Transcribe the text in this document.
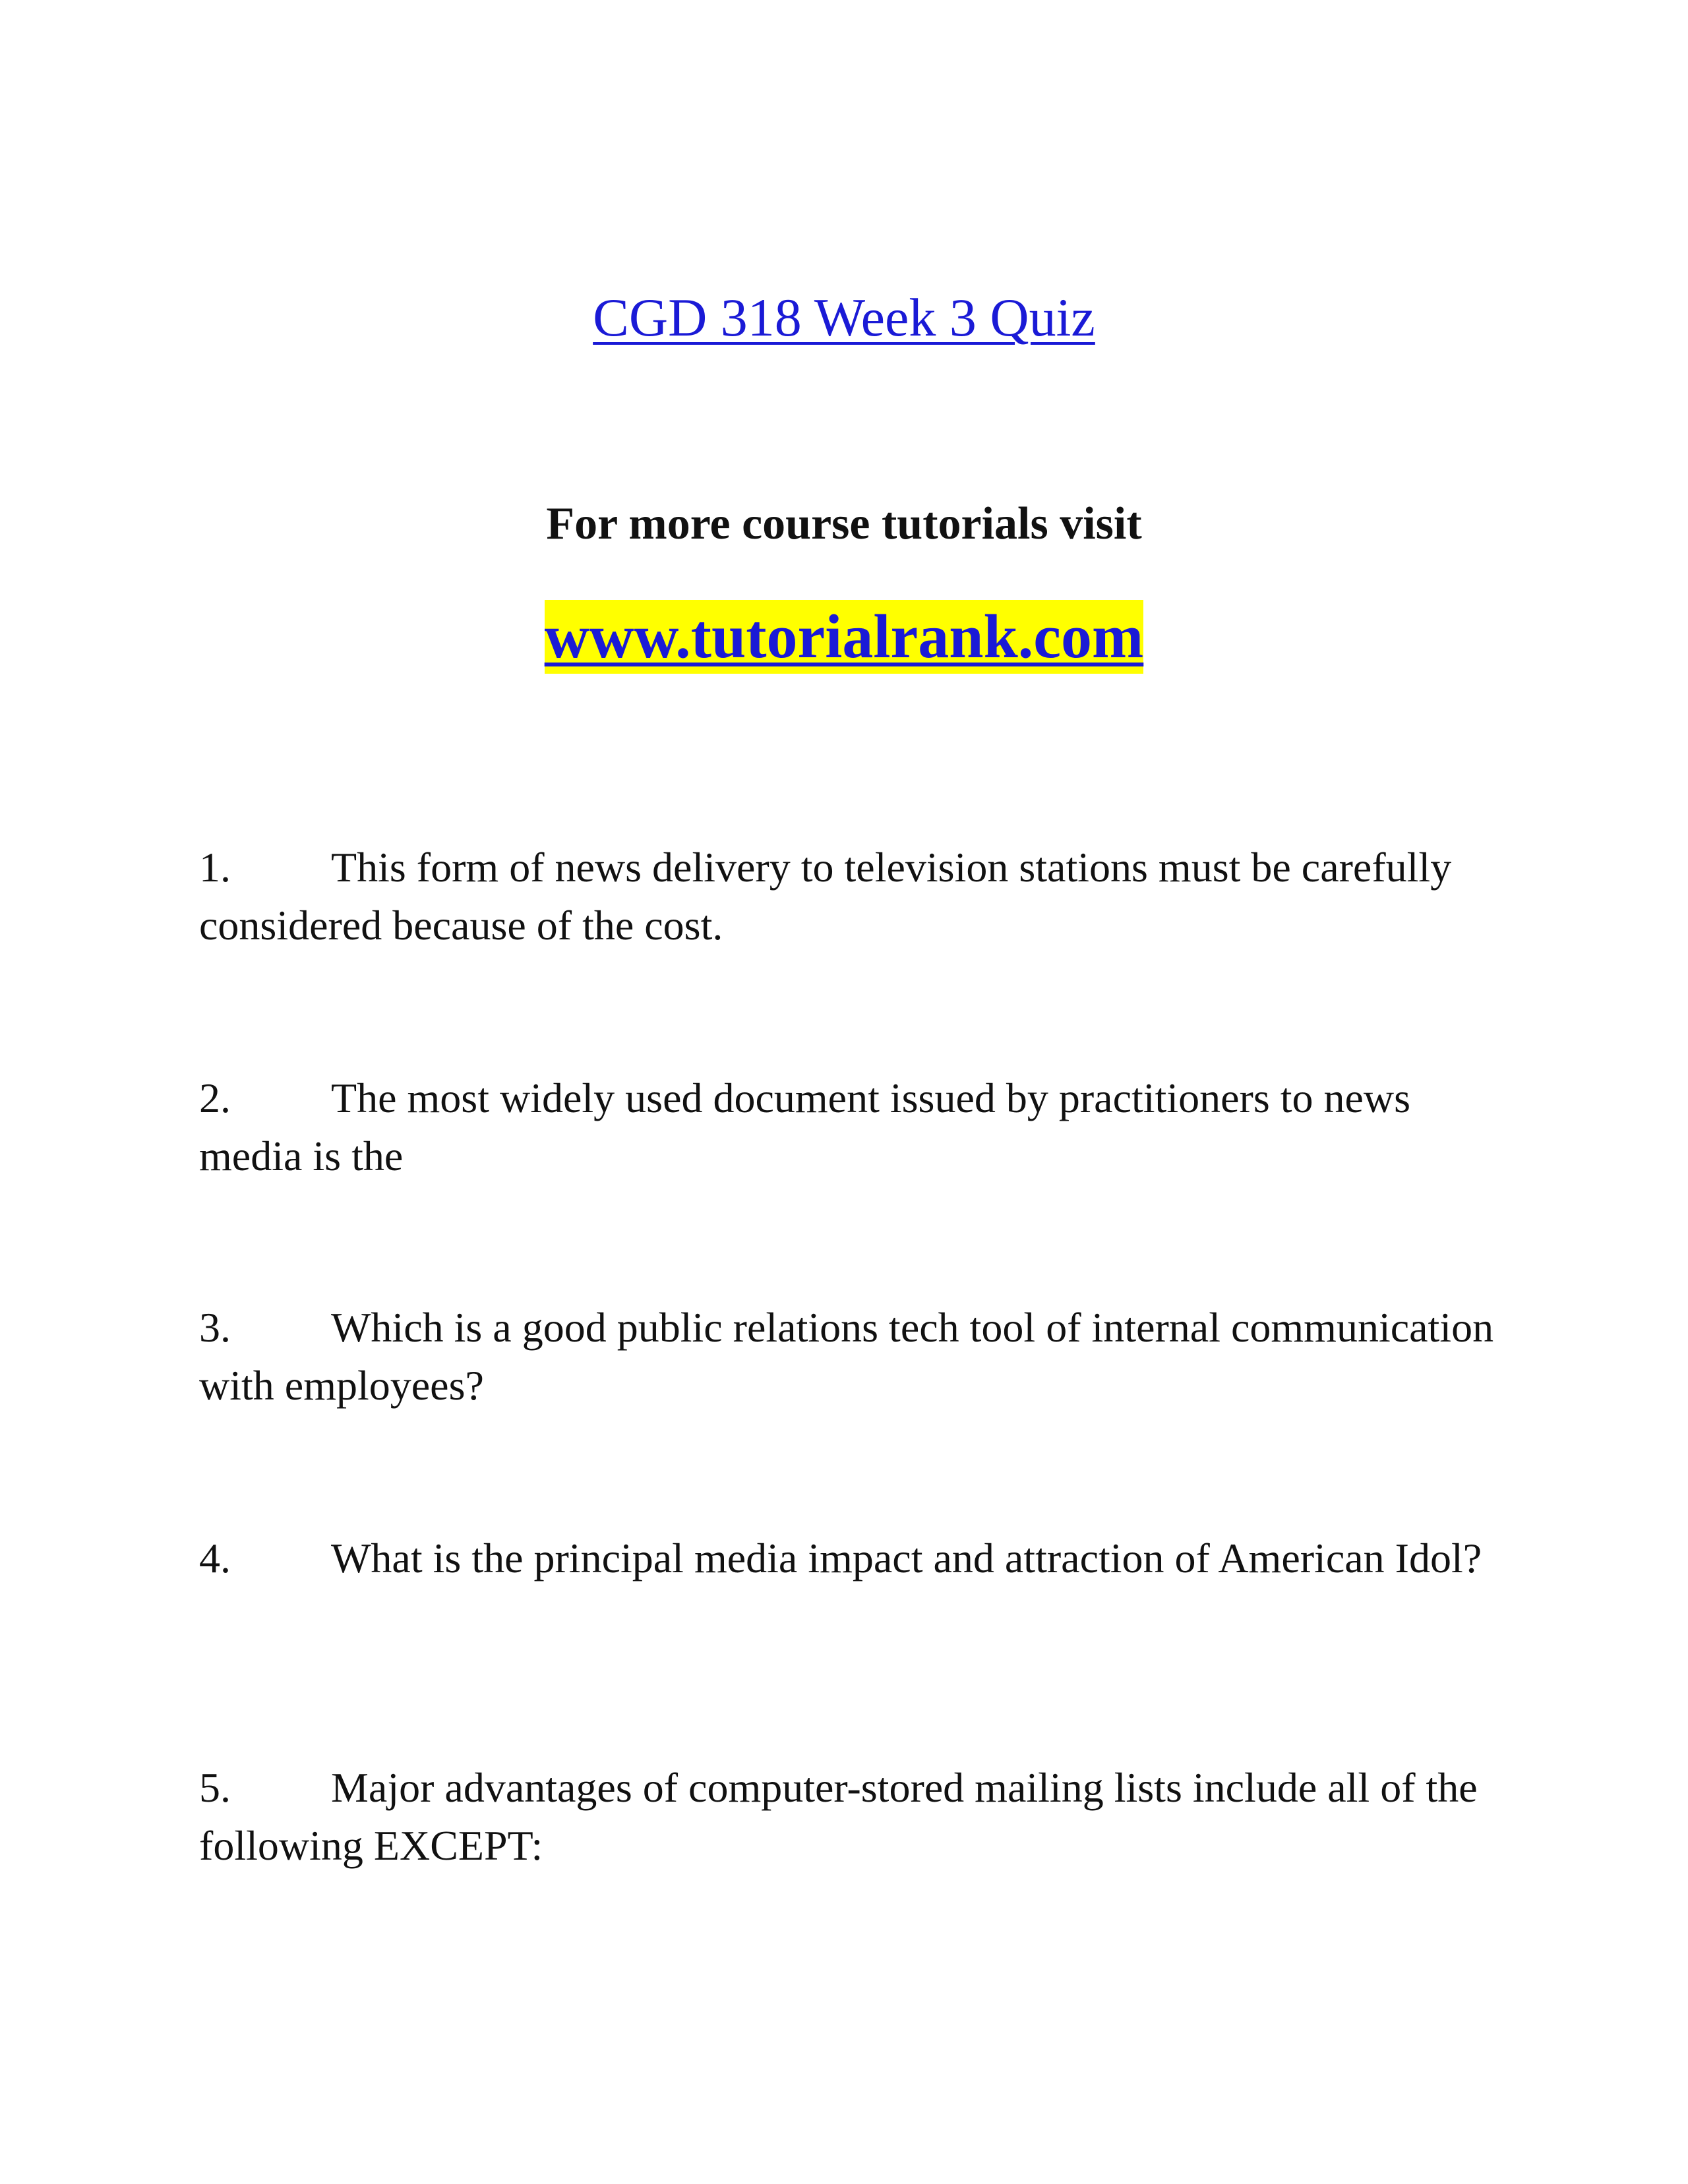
CGD 318 Week 3 Quiz
For more course tutorials visit
www.tutorialrank.com
1. This form of news delivery to television stations must be carefully considered because of the cost.
2. The most widely used document issued by practitioners to news media is the
3. Which is a good public relations tech tool of internal communication with employees?
4. What is the principal media impact and attraction of American Idol?
5. Major advantages of computer-stored mailing lists include all of the following EXCEPT:
